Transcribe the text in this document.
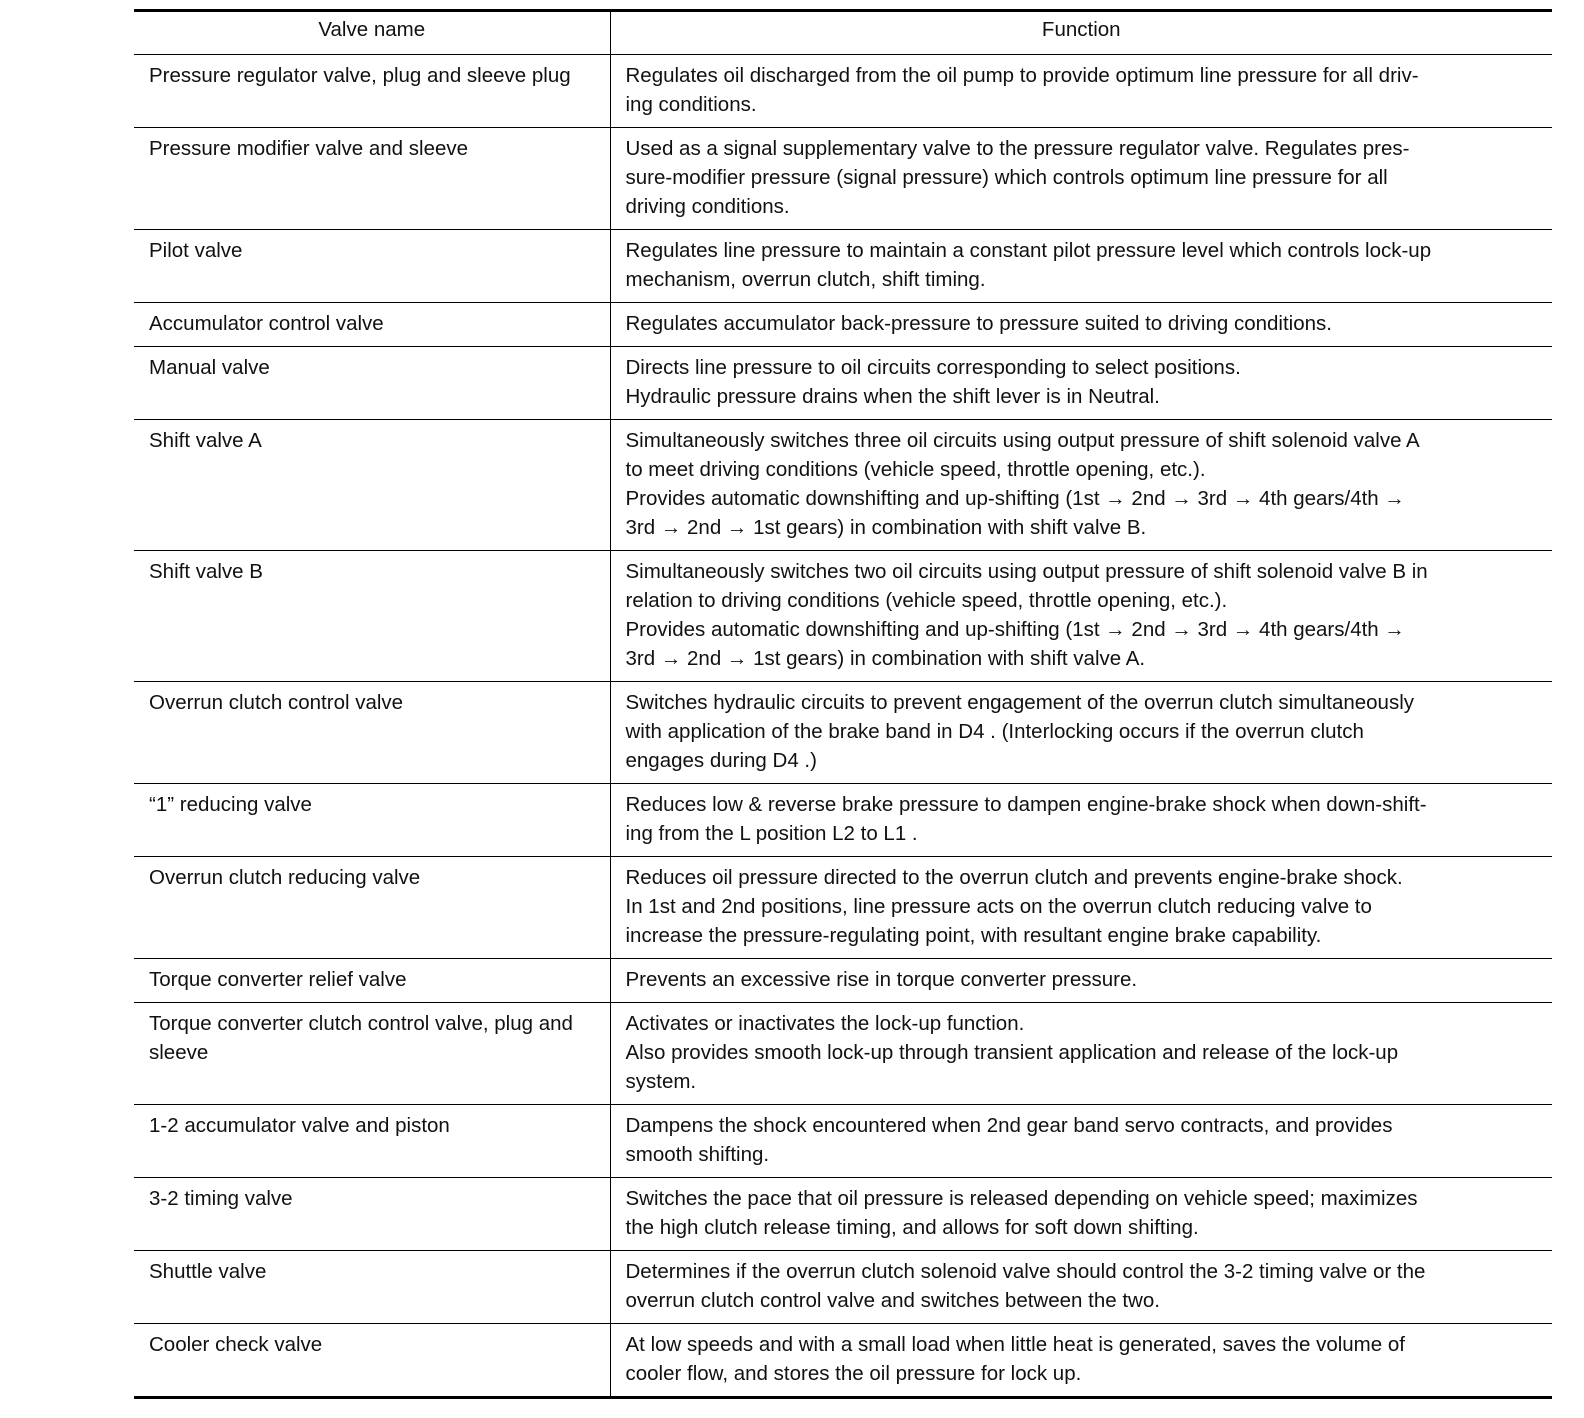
Valve name	Function

Pressure regulator valve, plug and sleeve plug	Regulates oil discharged from the oil pump to provide optimum line pressure for all driv-
ing conditions.

Pressure modifier valve and sleeve	Used as a signal supplementary valve to the pressure regulator valve. Regulates pres-
sure-modifier pressure (signal pressure) which controls optimum line pressure for all
driving conditions.

Pilot valve	Regulates line pressure to maintain a constant pilot pressure level which controls lock-up
mechanism, overrun clutch, shift timing.

Accumulator control valve	Regulates accumulator back-pressure to pressure suited to driving conditions.

Manual valve	Directs line pressure to oil circuits corresponding to select positions.
Hydraulic pressure drains when the shift lever is in Neutral.

Shift valve A	Simultaneously switches three oil circuits using output pressure of shift solenoid valve A
to meet driving conditions (vehicle speed, throttle opening, etc.).
Provides automatic downshifting and up-shifting (1st → 2nd → 3rd → 4th gears/4th →
3rd → 2nd → 1st gears) in combination with shift valve B.

Shift valve B	Simultaneously switches two oil circuits using output pressure of shift solenoid valve B in
relation to driving conditions (vehicle speed, throttle opening, etc.).
Provides automatic downshifting and up-shifting (1st → 2nd → 3rd → 4th gears/4th →
3rd → 2nd → 1st gears) in combination with shift valve A.

Overrun clutch control valve	Switches hydraulic circuits to prevent engagement of the overrun clutch simultaneously
with application of the brake band in D4 . (Interlocking occurs if the overrun clutch
engages during D4 .)

“1” reducing valve	Reduces low & reverse brake pressure to dampen engine-brake shock when down-shift-
ing from the L position L2 to L1 .

Overrun clutch reducing valve	Reduces oil pressure directed to the overrun clutch and prevents engine-brake shock.
In 1st and 2nd positions, line pressure acts on the overrun clutch reducing valve to
increase the pressure-regulating point, with resultant engine brake capability.

Torque converter relief valve	Prevents an excessive rise in torque converter pressure.

Torque converter clutch control valve, plug and sleeve	Activates or inactivates the lock-up function.
Also provides smooth lock-up through transient application and release of the lock-up
system.

1-2 accumulator valve and piston	Dampens the shock encountered when 2nd gear band servo contracts, and provides
smooth shifting.

3-2 timing valve	Switches the pace that oil pressure is released depending on vehicle speed; maximizes
the high clutch release timing, and allows for soft down shifting.

Shuttle valve	Determines if the overrun clutch solenoid valve should control the 3-2 timing valve or the
overrun clutch control valve and switches between the two.

Cooler check valve	At low speeds and with a small load when little heat is generated, saves the volume of
cooler flow, and stores the oil pressure for lock up.
